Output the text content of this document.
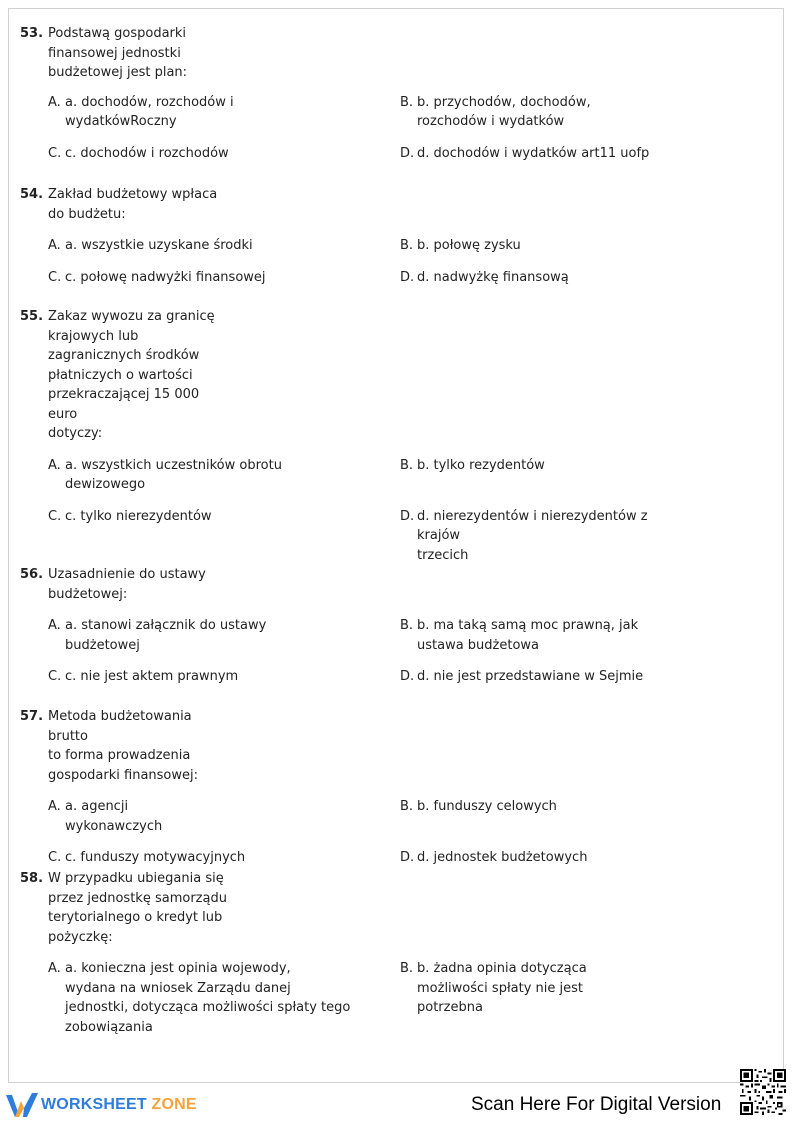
53. Podstawą gospodarki
finansowej jednostki
budżetowej jest plan:
A. a. dochodów, rozchodów i
wydatkówRoczny
B. b. przychodów, dochodów,
rozchodów i wydatków
C. c. dochodów i rozchodów	D. d. dochodów i wydatków art11 uofp
54. Zakład budżetowy wpłaca
do budżetu:
A. a. wszystkie uzyskane środki	B. b. połowę zysku
C. c. połowę nadwyżki finansowej	D. d. nadwyżkę finansową
55. Zakaz wywozu za granicę
krajowych lub
zagranicznych środków
płatniczych o wartości
przekraczającej 15 000 euro
dotyczy:
A. a. wszystkich uczestników obrotu
dewizowego
B. b. tylko rezydentów
C. c. tylko nierezydentów	D. d. nierezydentów i nierezydentów z
krajów
trzecich
56. Uzasadnienie do ustawy
budżetowej:
A. a. stanowi załącznik do ustawy
budżetowej
B. b. ma taką samą moc prawną, jak
ustawa budżetowa
C. c. nie jest aktem prawnym	D. d. nie jest przedstawiane w Sejmie
57. Metoda budżetowania brutto
to forma prowadzenia
gospodarki finansowej:
A. a. agencji
wykonawczych
B. b. funduszy celowych
C. c. funduszy motywacyjnych	D. d. jednostek budżetowych
58. W przypadku ubiegania się
przez jednostkę samorządu
terytorialnego o kredyt lub
pożyczkę:
A. a. konieczna jest opinia wojewody,
wydana na wniosek Zarządu danej
jednostki, dotycząca możliwości spłaty tego
zobowiązania
B. b. żadna opinia dotycząca
możliwości spłaty nie jest
potrzebna
WORKSHEET ZONE	Scan Here For Digital Version
